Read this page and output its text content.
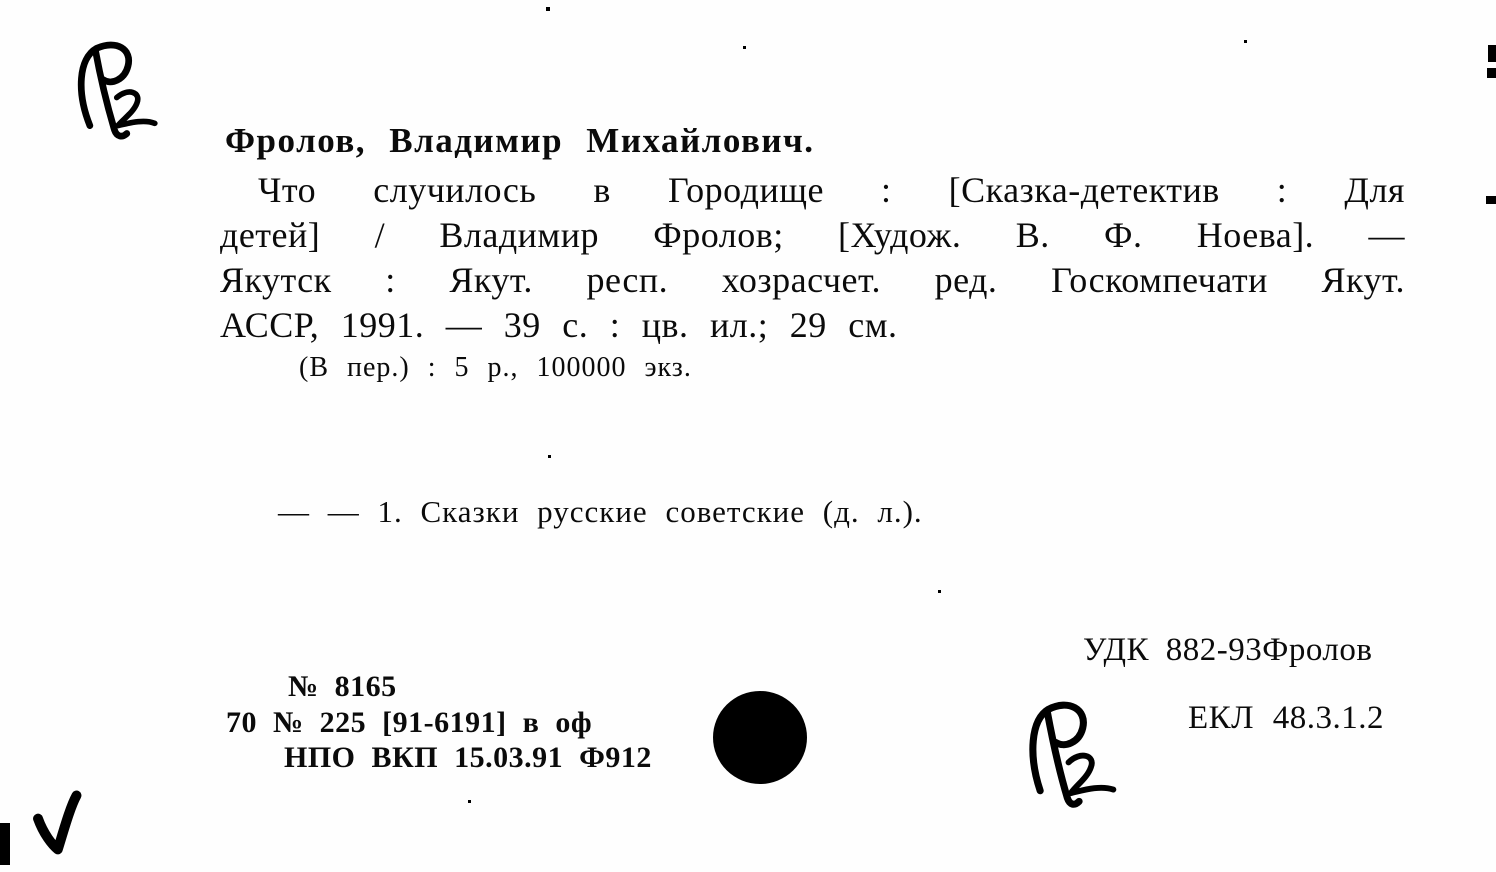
Фролов, Владимир Михайлович.
Что случилось в Городище : [Сказка-детектив : Для
детей] / Владимир Фролов; [Худож. В. Ф. Ноева]. —
Якутск : Якут. респ. хозрасчет. ред. Госкомпечати Якут.
АССР, 1991. — 39 с. : цв. ил.; 29 см.
(В пер.) : 5 р., 100000 экз.
— — 1. Сказки русские советские (д. л.).
УДК 882-93Фролов
ЕКЛ 48.3.1.2
№ 8165
70 № 225 [91-6191] в оф
НПО ВКП 15.03.91 Ф912
